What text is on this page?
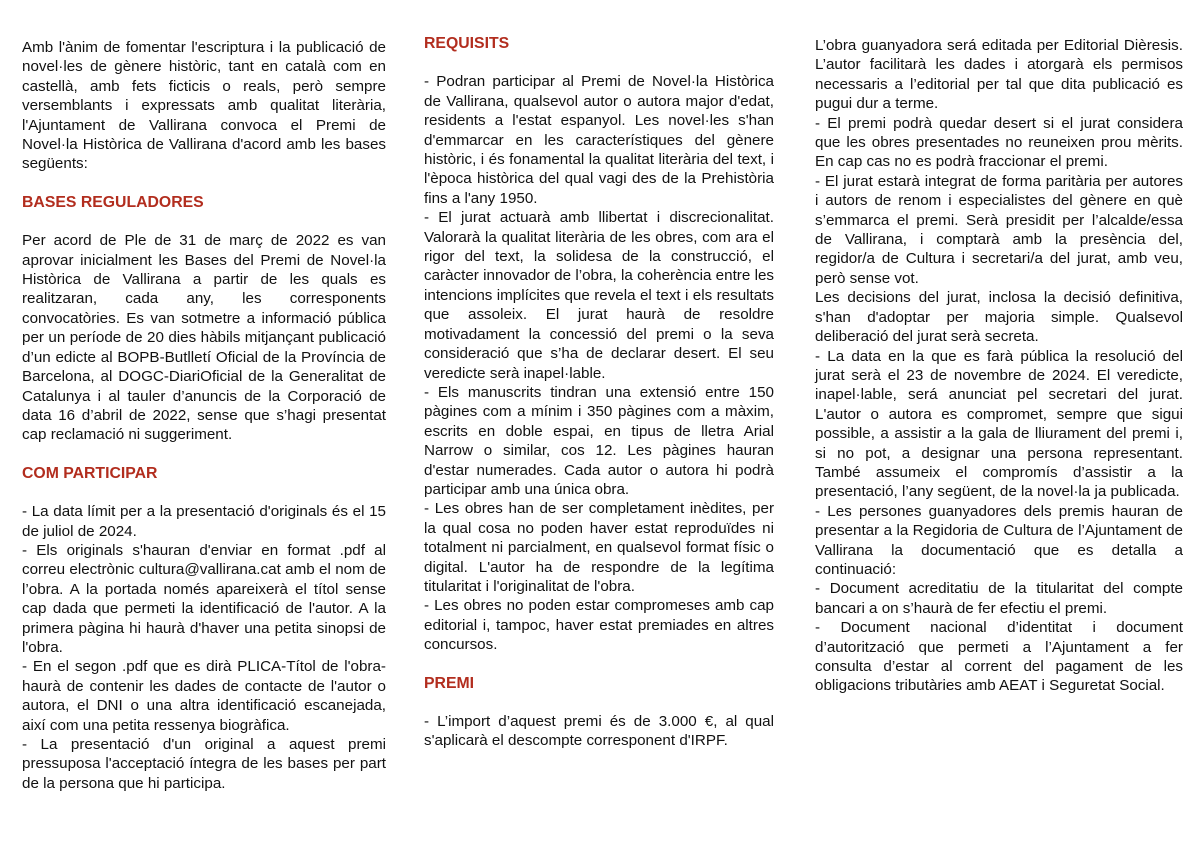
Amb l'ànim de fomentar l'escriptura i la publicació de novel·les de gènere històric, tant en català com en castellà, amb fets ficticis o reals, però sempre versemblants i expressats amb qualitat literària, l'Ajuntament de Vallirana convoca el Premi de Novel·la Històrica de Vallirana d'acord amb les bases següents:

BASES REGULADORES

Per acord de Ple de 31 de març de 2022 es van aprovar inicialment les Bases del Premi de Novel·la Històrica de Vallirana a partir de les quals es realitzaran, cada any, les corresponents convocatòries. Es van sotmetre a informació pública per un període de 20 dies hàbils mitjançant publicació d’un edicte al BOPB-Butlletí Oficial de la Província de Barcelona, al DOGC-DiariOficial de la Generalitat de Catalunya i al tauler d’anuncis de la Corporació de data 16 d’abril de 2022, sense que s’hagi presentat cap reclamació ni suggeriment.

COM PARTICIPAR

- La data límit per a la presentació d'originals és el 15 de juliol de 2024.

- Els originals s'hauran d'enviar en format .pdf al correu electrònic cultura@vallirana.cat amb el nom de l’obra. A la portada només apareixerà el títol sense cap dada que permeti la identificació de l'autor. A la primera pàgina hi haurà d'haver una petita sinopsi de l'obra.

- En el segon .pdf que es dirà PLICA-Títol de l'obra- haurà de contenir les dades de contacte de l'autor o autora, el DNI o una altra identificació escanejada, així com una petita ressenya biogràfica.

- La presentació d'un original a aquest premi pressuposa l'acceptació íntegra de les bases per part de la persona que hi participa.

REQUISITS

- Podran participar al Premi de Novel·la Històrica de Vallirana, qualsevol autor o autora major d'edat, residents a l'estat espanyol. Les novel·les s'han d'emmarcar en les característiques del gènere històric, i és fonamental la qualitat literària del text, i l'època històrica del qual vagi des de la Prehistòria fins a l'any 1950.

- El jurat actuarà amb llibertat i discrecionalitat. Valorarà la qualitat literària de les obres, com ara el rigor del text, la solidesa de la construcció, el caràcter innovador de l’obra, la coherència entre les intencions implícites que revela el text i els resultats que assoleix. El jurat haurà de resoldre motivadament la concessió del premi o la seva consideració que s’ha de declarar desert. El seu veredicte serà inapel·lable.

- Els manuscrits tindran una extensió entre 150 pàgines com a mínim i 350 pàgines com a màxim, escrits en doble espai, en tipus de lletra Arial Narrow o similar, cos 12. Les pàgines hauran d'estar numerades. Cada autor o autora hi podrà participar amb una única obra.

- Les obres han de ser completament inèdites, per la qual cosa no poden haver estat reproduïdes ni totalment ni parcialment, en qualsevol format físic o digital. L'autor ha de respondre de la legítima titularitat i l'originalitat de l'obra.

- Les obres no poden estar compromeses amb cap editorial i, tampoc, haver estat premiades en altres concursos.

PREMI

- L’import d’aquest premi és de 3.000 €, al qual s'aplicarà el descompte corresponent d'IRPF.

L’obra guanyadora será editada per Editorial Dièresis. L’autor facilitarà les dades i atorgarà els permisos necessaris a l’editorial per tal que dita publicació es pugui dur a terme.

- El premi podrà quedar desert si el jurat considera que les obres presentades no reuneixen prou mèrits. En cap cas no es podrà fraccionar el premi.

- El jurat estarà integrat de forma paritària per autores i autors de renom i especialistes del gènere en què s’emmarca el premi. Serà presidit per l’alcalde/essa de Vallirana, i comptarà amb la presència del, regidor/a de Cultura i secretari/a del jurat, amb veu, però sense vot.

Les decisions del jurat, inclosa la decisió definitiva, s'han d'adoptar per majoria simple. Qualsevol deliberació del jurat serà secreta.

- La data en la que es farà pública la resolució del jurat serà el 23 de novembre de 2024. El veredicte, inapel·lable, será anunciat pel secretari del jurat. L'autor o autora es compromet, sempre que sigui possible, a assistir a la gala de lliurament del premi i, si no pot, a designar una persona representant. També assumeix el compromís d’assistir a la presentació, l’any següent, de la novel·la ja publicada.

- Les persones guanyadores dels premis hauran de presentar a la Regidoria de Cultura de l’Ajuntament de Vallirana la documentació que es detalla a continuació:

- Document acreditatiu de la titularitat del compte bancari a on s’haurà de fer efectiu el premi.

- Document nacional d’identitat i document d’autorització que permeti a l’Ajuntament a fer consulta d’estar al corrent del pagament de les obligacions tributàries amb AEAT i Seguretat Social.
